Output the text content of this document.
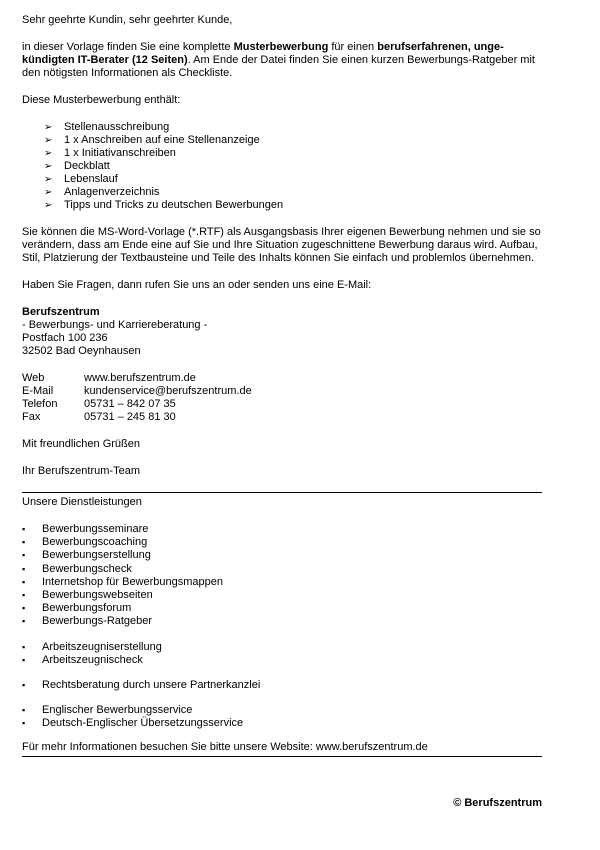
Sehr geehrte Kundin, sehr geehrter Kunde,

in dieser Vorlage finden Sie eine komplette Musterbewerbung für einen berufserfahrenen, unge-
kündigten IT-Berater (12 Seiten). Am Ende der Datei finden Sie einen kurzen Bewerbungs-Ratgeber mit den nötigsten Informationen als Checkliste.

Diese Musterbewerbung enthält:

➢ Stellenausschreibung
➢ 1 x Anschreiben auf eine Stellenanzeige
➢ 1 x Initiativanschreiben
➢ Deckblatt
➢ Lebenslauf
➢ Anlagenverzeichnis
➢ Tipps und Tricks zu deutschen Bewerbungen

Sie können die MS-Word-Vorlage (*.RTF) als Ausgangsbasis Ihrer eigenen Bewerbung nehmen und sie so verändern, dass am Ende eine auf Sie und Ihre Situation zugeschnittene Bewerbung daraus wird. Aufbau, Stil, Platzierung der Textbausteine und Teile des Inhalts können Sie einfach und problemlos übernehmen.

Haben Sie Fragen, dann rufen Sie uns an oder senden uns eine E-Mail:

Berufszentrum

- Bewerbungs- und Karriereberatung -

Postfach 100 236

32502 Bad Oeynhausen

Web	www.berufszentrum.de
E-Mail	kundenservice@berufszentrum.de
Telefon	05731 – 842 07 35
Fax	05731 – 245 81 30

Mit freundlichen Grüßen

Ihr Berufszentrum-Team

Unsere Dienstleistungen

▪ Bewerbungsseminare
▪ Bewerbungscoaching
▪ Bewerbungserstellung
▪ Bewerbungscheck
▪ Internetshop für Bewerbungsmappen
▪ Bewerbungswebseiten
▪ Bewerbungsforum
▪ Bewerbungs-Ratgeber
▪ Arbeitszeugniserstellung
▪ Arbeitszeugnischeck
▪ Rechtsberatung durch unsere Partnerkanzlei
▪ Englischer Bewerbungsservice
▪ Deutsch-Englischer Übersetzungsservice

Für mehr Informationen besuchen Sie bitte unsere Website: www.berufszentrum.de

© Berufszentrum
